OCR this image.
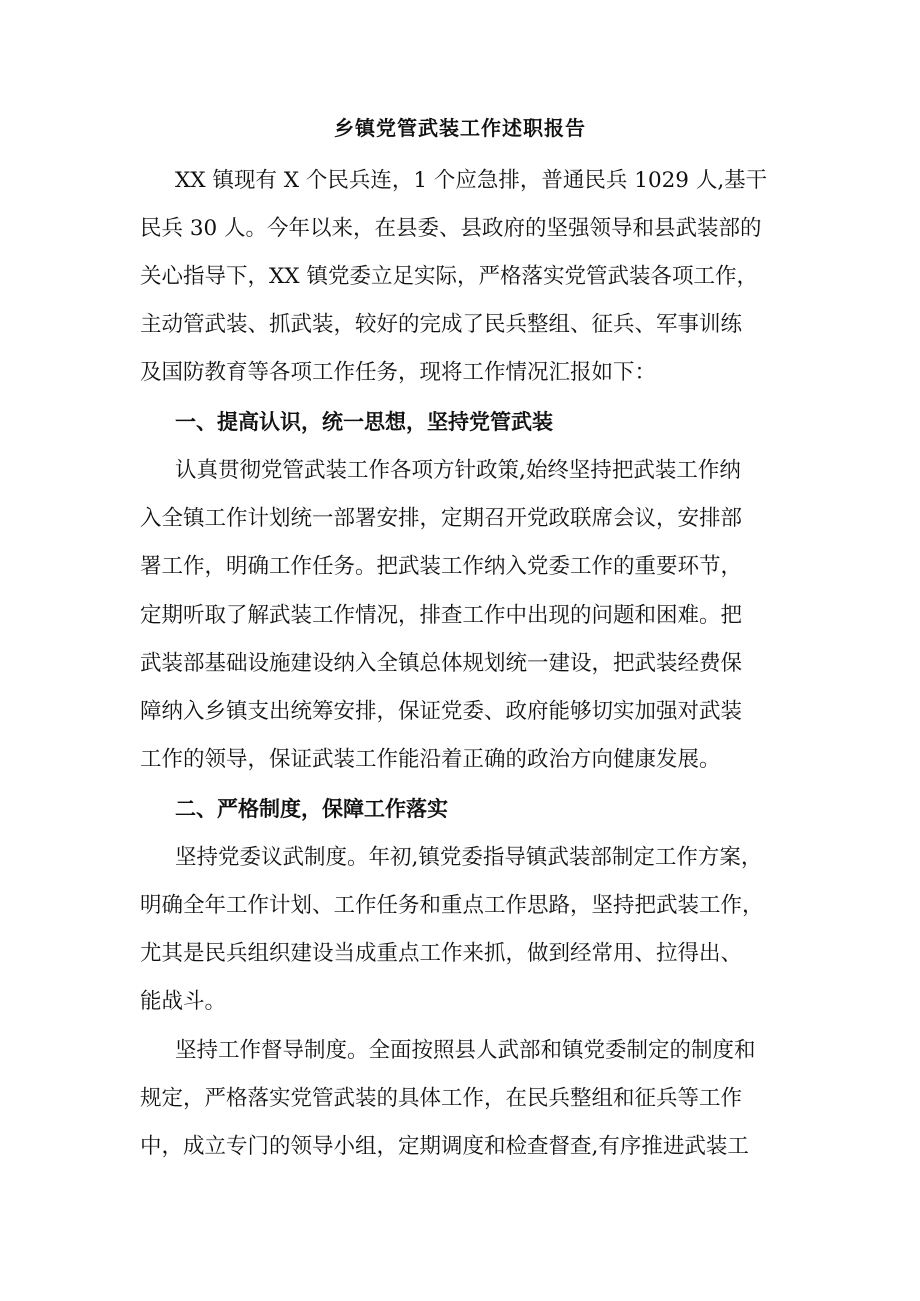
乡镇党管武装工作述职报告
XX 镇现有 X 个民兵连，1 个应急排，普通民兵 1029 人,基干
民兵 30 人。今年以来，在县委、县政府的坚强领导和县武装部的
关心指导下，XX 镇党委立足实际，严格落实党管武装各项工作，
主动管武装、抓武装，较好的完成了民兵整组、征兵、军事训练
及国防教育等各项工作任务，现将工作情况汇报如下：
一、提高认识，统一思想，坚持党管武装
认真贯彻党管武装工作各项方针政策,始终坚持把武装工作纳
入全镇工作计划统一部署安排，定期召开党政联席会议，安排部
署工作，明确工作任务。把武装工作纳入党委工作的重要环节，
定期听取了解武装工作情况，排查工作中出现的问题和困难。把
武装部基础设施建设纳入全镇总体规划统一建设，把武装经费保
障纳入乡镇支出统筹安排，保证党委、政府能够切实加强对武装
工作的领导，保证武装工作能沿着正确的政治方向健康发展。
二、严格制度，保障工作落实
坚持党委议武制度。年初,镇党委指导镇武装部制定工作方案，
明确全年工作计划、工作任务和重点工作思路，坚持把武装工作，
尤其是民兵组织建设当成重点工作来抓，做到经常用、拉得出、
能战斗。
坚持工作督导制度。全面按照县人武部和镇党委制定的制度和
规定，严格落实党管武装的具体工作，在民兵整组和征兵等工作
中，成立专门的领导小组，定期调度和检查督查,有序推进武装工
